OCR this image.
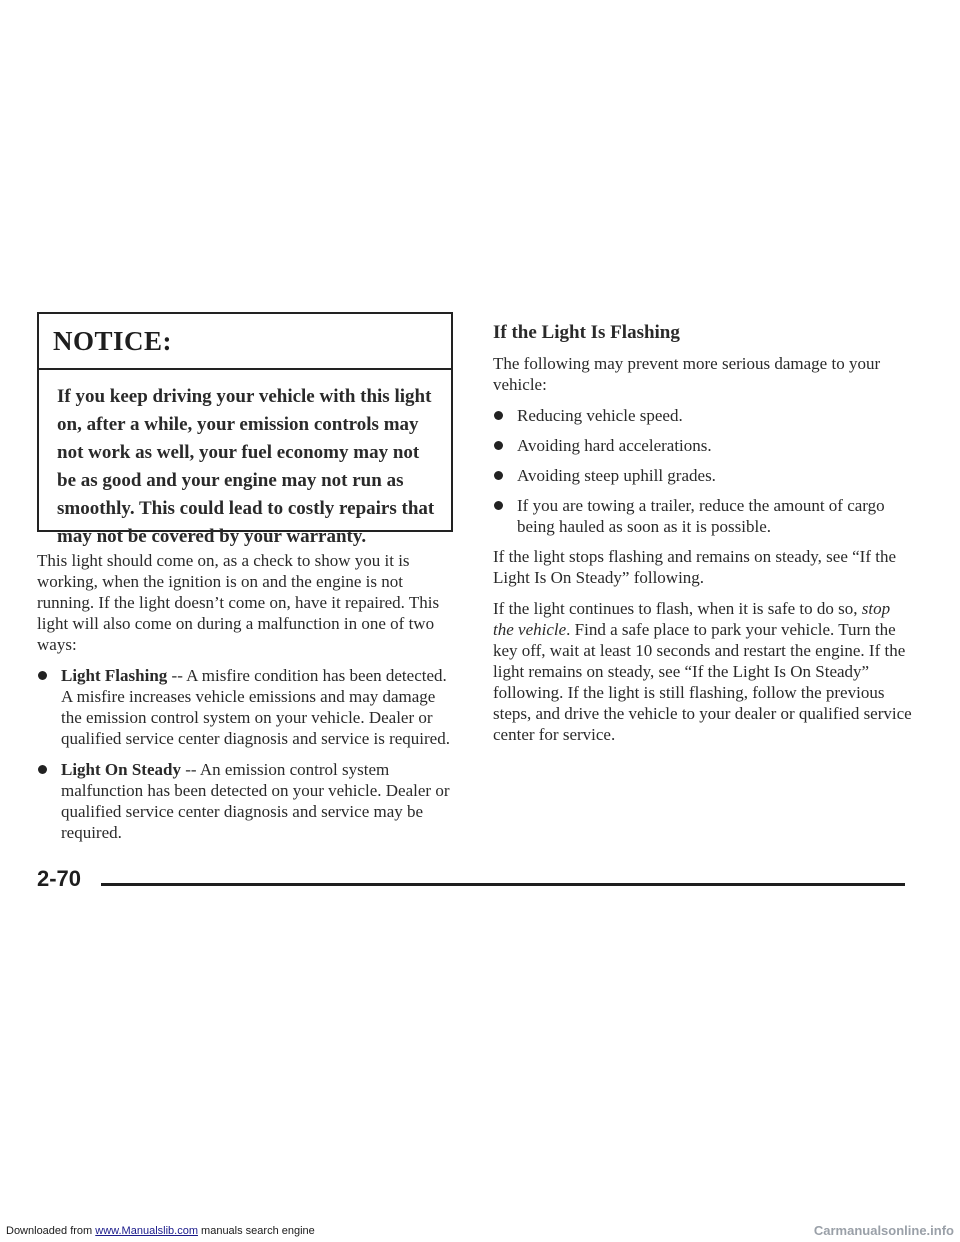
NOTICE:
If you keep driving your vehicle with this light on, after a while, your emission controls may not work as well, your fuel economy may not be as good and your engine may not run as smoothly. This could lead to costly repairs that may not be covered by your warranty.

This light should come on, as a check to show you it is working, when the ignition is on and the engine is not running. If the light doesn’t come on, have it repaired. This light will also come on during a malfunction in one of two ways:

Light Flashing -- A misfire condition has been detected. A misfire increases vehicle emissions and may damage the emission control system on your vehicle. Dealer or qualified service center diagnosis and service is required.
Light On Steady -- An emission control system malfunction has been detected on your vehicle. Dealer or qualified service center diagnosis and service may be required.
If the Light Is Flashing

The following may prevent more serious damage to your vehicle:

Reducing vehicle speed.
Avoiding hard accelerations.
Avoiding steep uphill grades.
If you are towing a trailer, reduce the amount of cargo being hauled as soon as it is possible.

If the light stops flashing and remains on steady, see “If the Light Is On Steady” following.

If the light continues to flash, when it is safe to do so, stop the vehicle. Find a safe place to park your vehicle. Turn the key off, wait at least 10 seconds and restart the engine. If the light remains on steady, see “If the Light Is On Steady” following. If the light is still flashing, follow the previous steps, and drive the vehicle to your dealer or qualified service center for service.

2-70
Downloaded from www.Manualslib.com manuals search engine	Carmanualsonline.info
